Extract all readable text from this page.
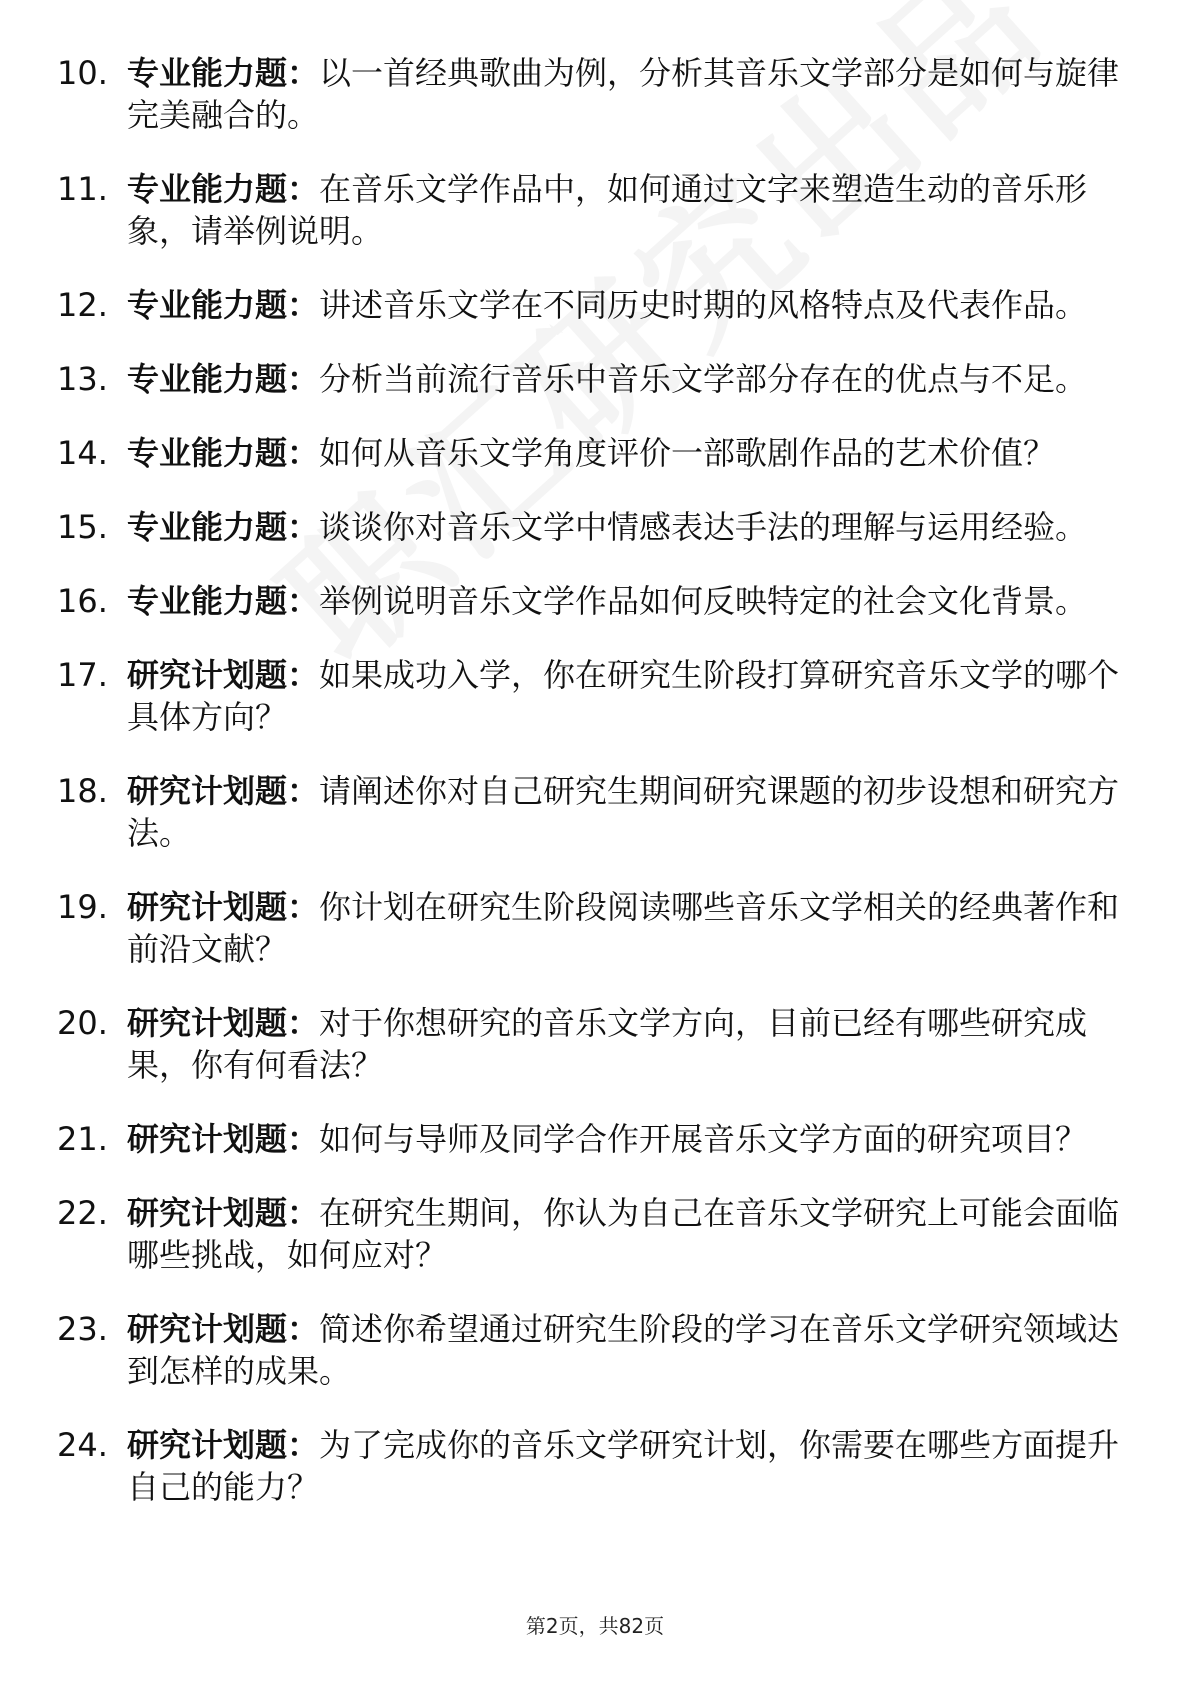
10. 专业能力题：以一首经典歌曲为例，分析其音乐文学部分是如何与旋律完美融合的。
11. 专业能力题：在音乐文学作品中，如何通过文字来塑造生动的音乐形象，请举例说明。
12. 专业能力题：讲述音乐文学在不同历史时期的风格特点及代表作品。
13. 专业能力题：分析当前流行音乐中音乐文学部分存在的优点与不足。
14. 专业能力题：如何从音乐文学角度评价一部歌剧作品的艺术价值？
15. 专业能力题：谈谈你对音乐文学中情感表达手法的理解与运用经验。
16. 专业能力题：举例说明音乐文学作品如何反映特定的社会文化背景。
17. 研究计划题：如果成功入学，你在研究生阶段打算研究音乐文学的哪个具体方向？
18. 研究计划题：请阐述你对自己研究生期间研究课题的初步设想和研究方法。
19. 研究计划题：你计划在研究生阶段阅读哪些音乐文学相关的经典著作和前沿文献？
20. 研究计划题：对于你想研究的音乐文学方向，目前已经有哪些研究成果，你有何看法？
21. 研究计划题：如何与导师及同学合作开展音乐文学方面的研究项目？
22. 研究计划题：在研究生期间，你认为自己在音乐文学研究上可能会面临哪些挑战，如何应对？
23. 研究计划题：简述你希望通过研究生阶段的学习在音乐文学研究领域达到怎样的成果。
24. 研究计划题：为了完成你的音乐文学研究计划，你需要在哪些方面提升自己的能力？
第2页，共82页
